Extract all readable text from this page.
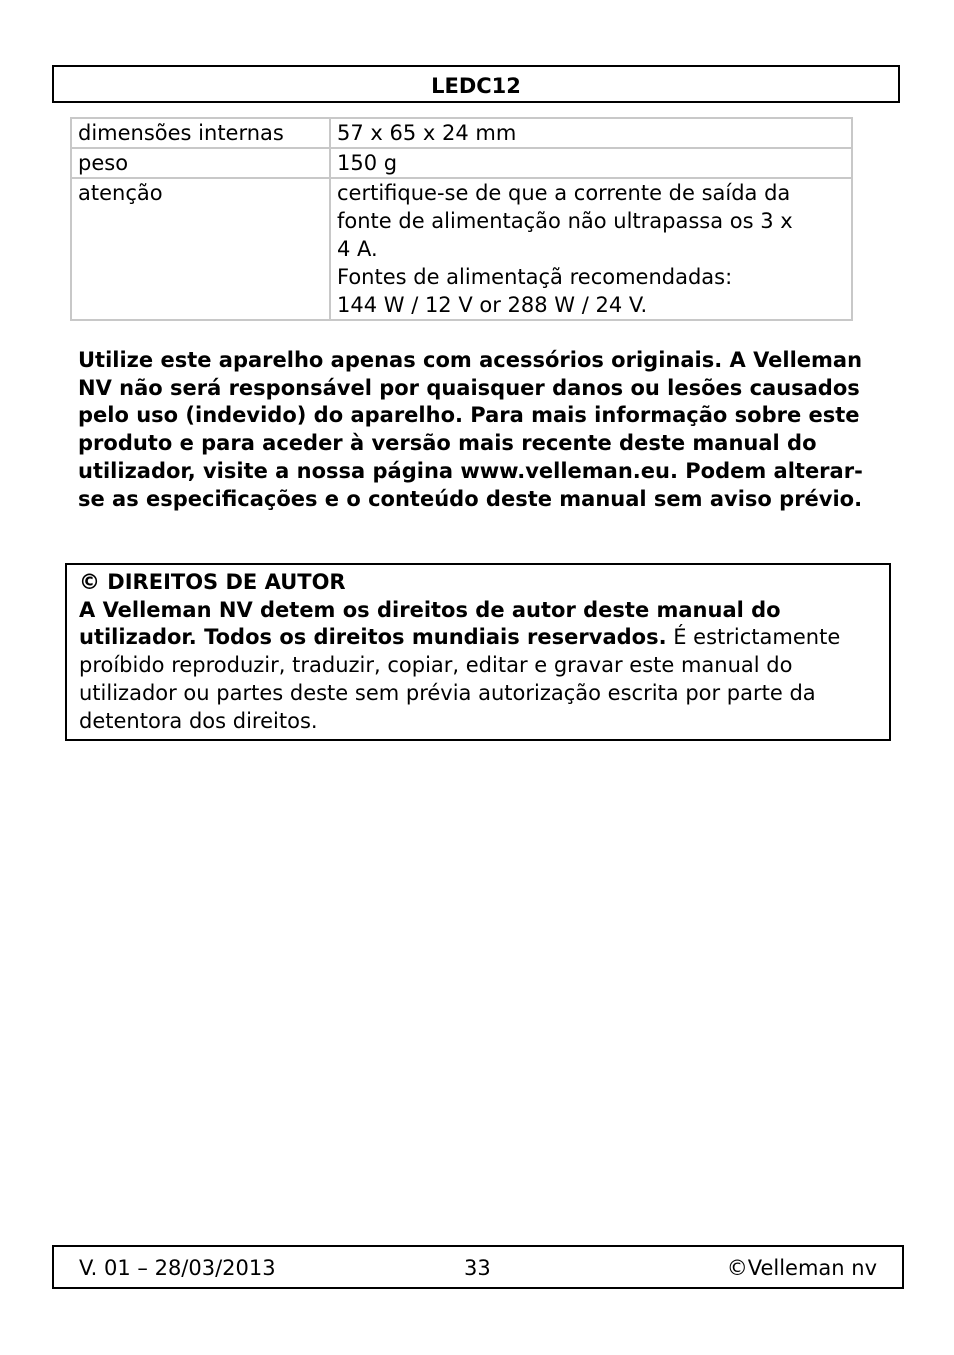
LEDC12
dimensões internas	57 x 65 x 24 mm

peso	150 g

atenção	certifique-se de que a corrente de saída da
fonte de alimentação não ultrapassa os 3 x
4 A.
Fontes de alimentaçã recomendadas:
144 W / 12 V or 288 W / 24 V.

Utilize este aparelho apenas com acessórios originais. A Velleman NV não será responsável por quaisquer danos ou lesões causados pelo uso (indevido) do aparelho. Para mais informação sobre este produto e para aceder à versão mais recente deste manual do utilizador, visite a nossa página www.velleman.eu. Podem alterar-se as especificações e o conteúdo deste manual sem aviso prévio.

© DIREITOS DE AUTOR
A Velleman NV detem os direitos de autor deste manual do utilizador. Todos os direitos mundiais reservados. É estrictamente proíbido reproduzir, traduzir, copiar, editar e gravar este manual do utilizador ou partes deste sem prévia autorização escrita por parte da detentora dos direitos.
V. 01 – 28/03/2013	33	©Velleman nv
